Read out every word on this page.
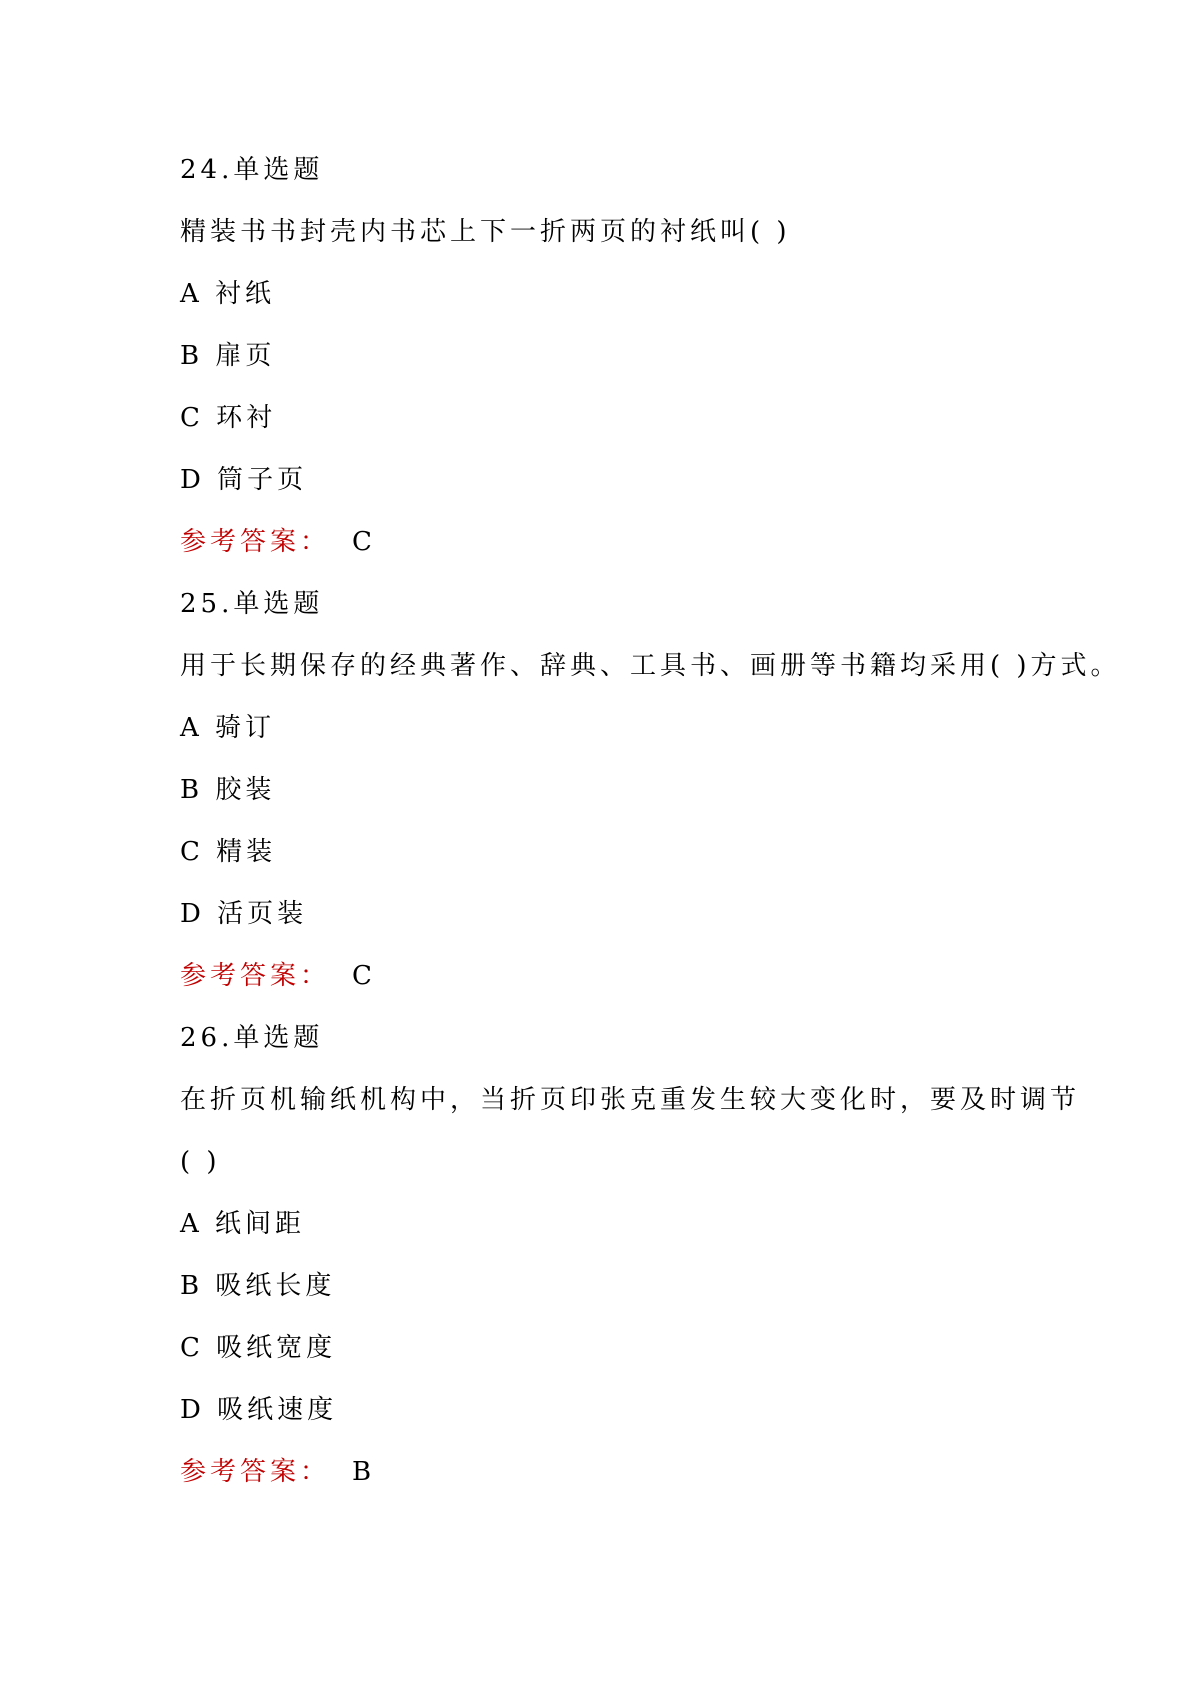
24.单选题
精装书书封壳内书芯上下一折两页的衬纸叫( )
A 衬纸
B 扉页
C 环衬
D 筒子页
参考答案： C
25.单选题
用于长期保存的经典著作、辞典、工具书、画册等书籍均采用( )方式。
A 骑订
B 胶装
C 精装
D 活页装
参考答案： C
26.单选题
在折页机输纸机构中，当折页印张克重发生较大变化时，要及时调节
( )
A 纸间距
B 吸纸长度
C 吸纸宽度
D 吸纸速度
参考答案： B
